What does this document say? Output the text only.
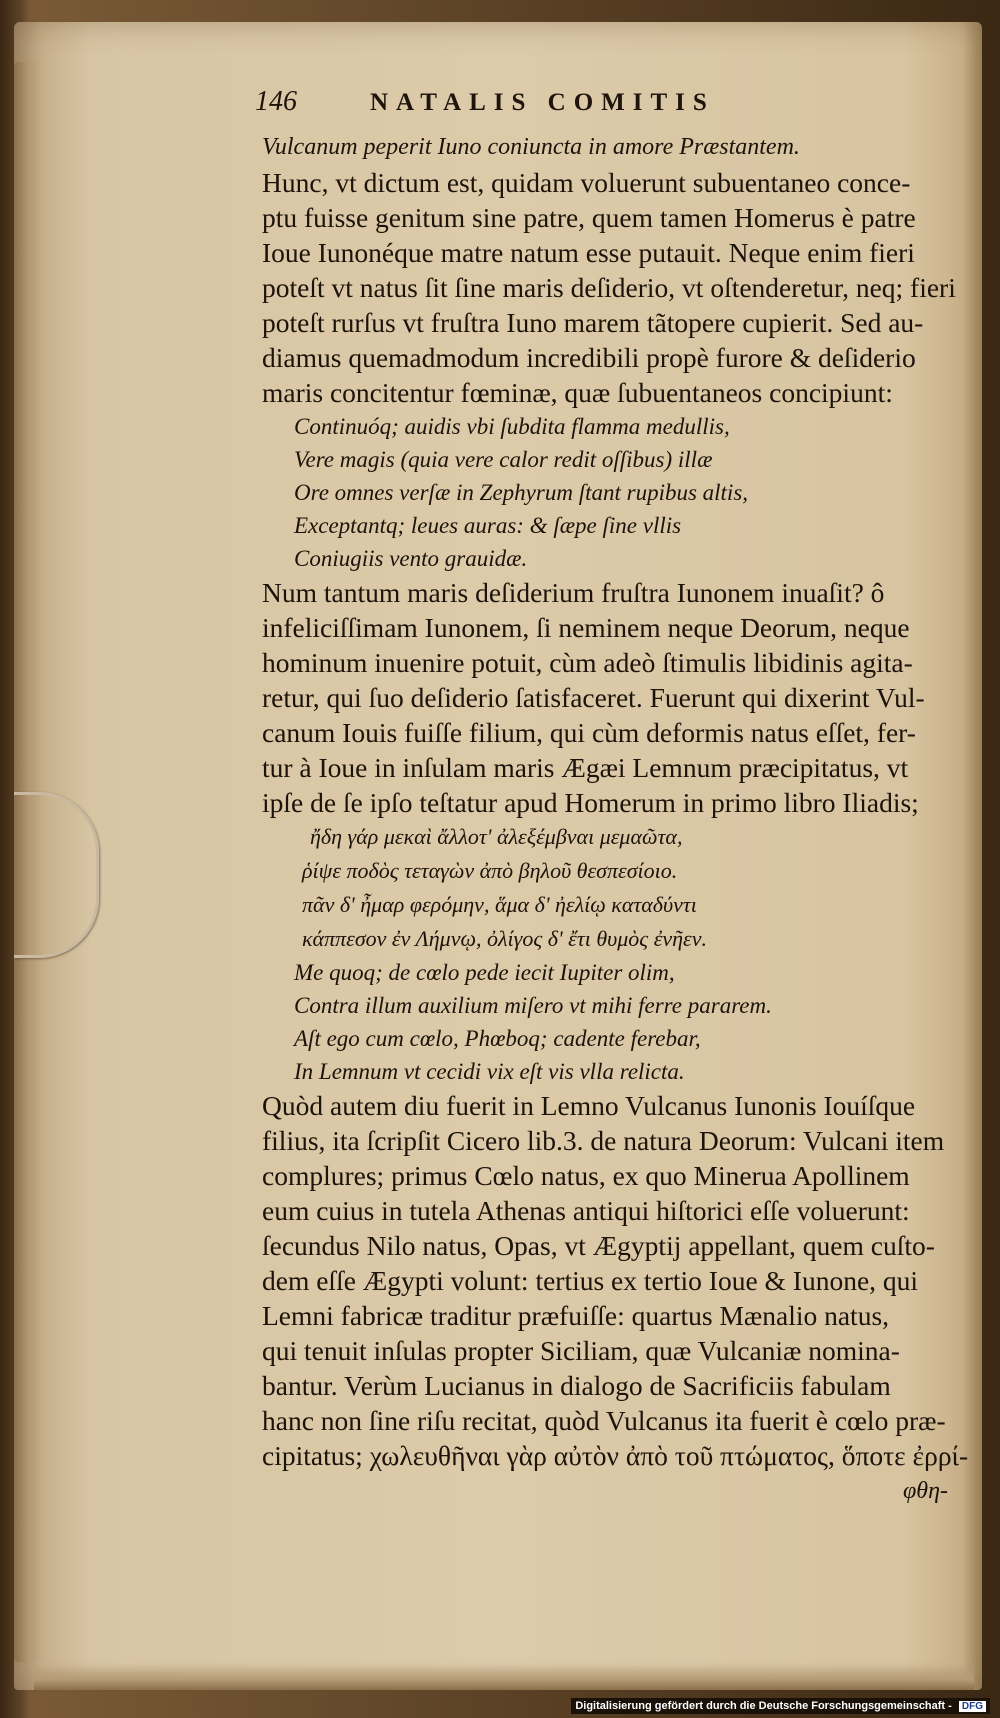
146	NATALIS COMITIS
Vulcanum peperit Iuno coniuncta in amore Præstantem.
Hunc, vt dictum est, quidam voluerunt subuentaneo conce-
ptu fuisse genitum sine patre, quem tamen Homerus è patre
Ioue Iunonéque matre natum esse putauit. Neque enim fieri
poteſt vt natus ſit ſine maris deſiderio, vt oſtenderetur, neq; fieri
poteſt rurſus vt fruſtra Iuno marem tãtopere cupierit. Sed au-
diamus quemadmodum incredibili propè furore & deſiderio
maris concitentur fœminæ, quæ ſubuentaneos concipiunt:
Continuóq; auidis vbi ſubdita flamma medullis,
Vere magis (quia vere calor redit oſſibus) illæ
Ore omnes verſæ in Zephyrum ſtant rupibus altis,
Exceptantq; leues auras: & ſæpe ſine vllis
Coniugiis vento grauidæ.
Num tantum maris deſiderium fruſtra Iunonem inuaſit? ô
infeliciſſimam Iunonem, ſi neminem neque Deorum, neque
hominum inuenire potuit, cùm adeò ſtimulis libidinis agita-
retur, qui ſuo deſiderio ſatisfaceret. Fuerunt qui dixerint Vul-
canum Iouis fuiſſe filium, qui cùm deformis natus eſſet, fer-
tur à Ioue in inſulam maris Ægæi Lemnum præcipitatus, vt
ipſe de ſe ipſo teſtatur apud Homerum in primo libro Iliadis;
ἤδη γάρ μεκαὶ ἄλλοτ' ἀλεξέμβναι μεμαῶτα,
ῥίψε ποδὸς τεταγὼν ἀπὸ βηλοῦ θεσπεσίοιο.
πᾶν δ' ἦμαρ φερόμην, ἅμα δ' ἠελίῳ καταδύντι
κάππεσον ἐν Λήμνῳ, ὀλίγος δ' ἔτι θυμὸς ἐνῆεν.
Me quoq; de cœlo pede iecit Iupiter olim,
Contra illum auxilium miſero vt mihi ferre pararem.
Aſt ego cum cœlo, Phœboq; cadente ferebar,
In Lemnum vt cecidi vix eſt vis vlla relicta.
Quòd autem diu fuerit in Lemno Vulcanus Iunonis Iouíſque
filius, ita ſcripſit Cicero lib.3. de natura Deorum: Vulcani item
complures; primus Cœlo natus, ex quo Minerua Apollinem
eum cuius in tutela Athenas antiqui hiſtorici eſſe voluerunt:
ſecundus Nilo natus, Opas, vt Ægyptij appellant, quem cuſto-
dem eſſe Ægypti volunt: tertius ex tertio Ioue & Iunone, qui
Lemni fabricæ traditur præfuiſſe: quartus Mænalio natus,
qui tenuit inſulas propter Siciliam, quæ Vulcaniæ nomina-
bantur. Verùm Lucianus in dialogo de Sacrificiis fabulam
hanc non ſine riſu recitat, quòd Vulcanus ita fuerit è cœlo præ-
cipitatus; χωλευθῆναι γὰρ αὐτὸν ἀπὸ τοῦ πτώματος, ὅποτε ἐρρί-
φθη-
Digitalisierung gefördert durch die Deutsche Forschungsgemeinschaft - DFG
